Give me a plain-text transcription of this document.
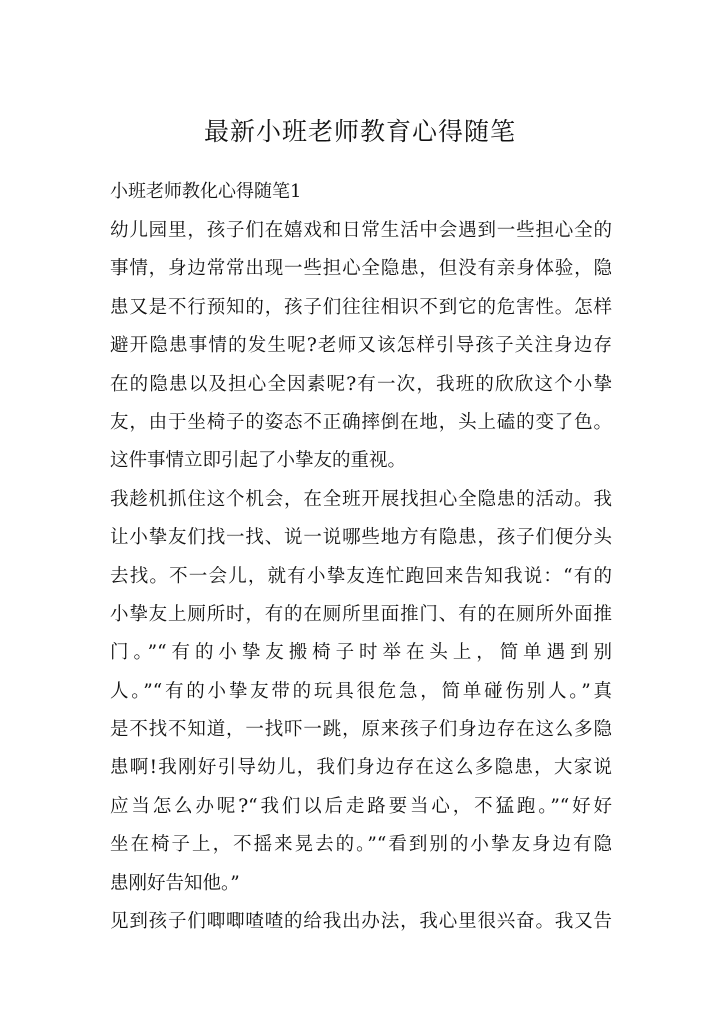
最新小班老师教育心得随笔
小班老师教化心得随笔1
幼儿园里，孩子们在嬉戏和日常生活中会遇到一些担心全的
事情，身边常常出现一些担心全隐患，但没有亲身体验，隐
患又是不行预知的，孩子们往往相识不到它的危害性。怎样
避开隐患事情的发生呢?老师又该怎样引导孩子关注身边存
在的隐患以及担心全因素呢?有一次，我班的欣欣这个小挚
友，由于坐椅子的姿态不正确摔倒在地，头上磕的变了色。
这件事情立即引起了小挚友的重视。
我趁机抓住这个机会，在全班开展找担心全隐患的活动。我
让小挚友们找一找、说一说哪些地方有隐患，孩子们便分头
去找。不一会儿，就有小挚友连忙跑回来告知我说：“有的
小挚友上厕所时，有的在厕所里面推门、有的在厕所外面推
门。”“有的小挚友搬椅子时举在头上，简单遇到别
人。”“有的小挚友带的玩具很危急，简单碰伤别人。”真
是不找不知道，一找吓一跳，原来孩子们身边存在这么多隐
患啊!我刚好引导幼儿，我们身边存在这么多隐患，大家说
应当怎么办呢?“我们以后走路要当心，不猛跑。”“好好
坐在椅子上，不摇来晃去的。”“看到别的小挚友身边有隐
患刚好告知他。”
见到孩子们唧唧喳喳的给我出办法，我心里很兴奋。我又告
